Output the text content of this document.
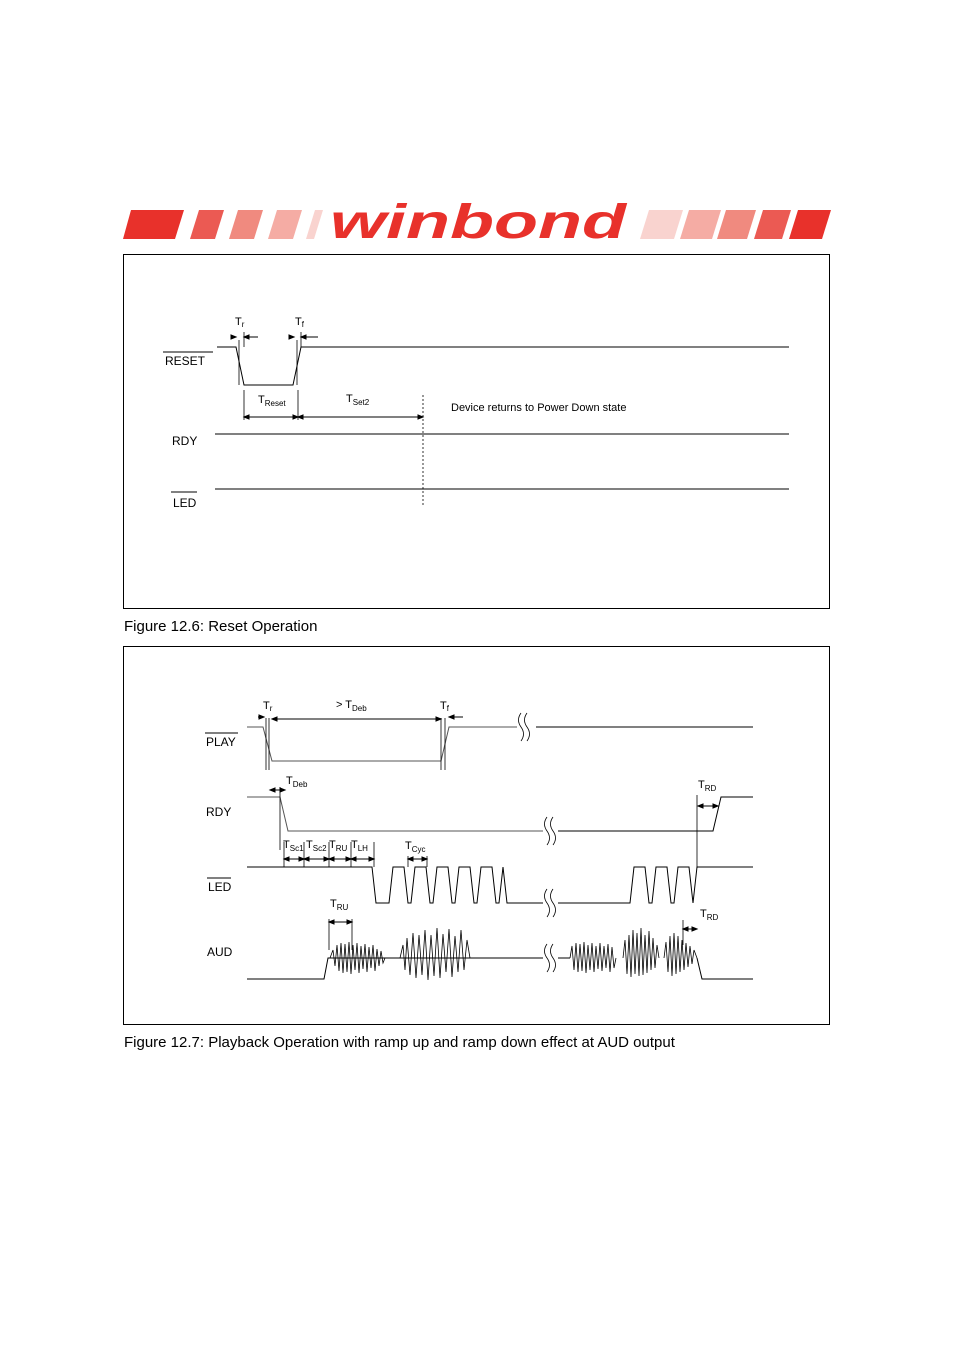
winbond
RESET
RDY
LED
Tr	Tf
$T_{Reset}$	$T_{Set2}$	Device returns to Power Down state
Figure 12.6: Reset Operation
PLAY
RDY
LED
AUD
Tr	> $T_{Deb}$	Tf
$T_{Deb}$	$T_{RD}$
$T_{Sc1}$ $T_{Sc2}$ $T_{RU}$ $T_{LH}$	$T_{Cyc}$
$T_{RU}$
$T_{RD}$
Figure 12.7: Playback Operation with ramp up and ramp down effect at AUD output
